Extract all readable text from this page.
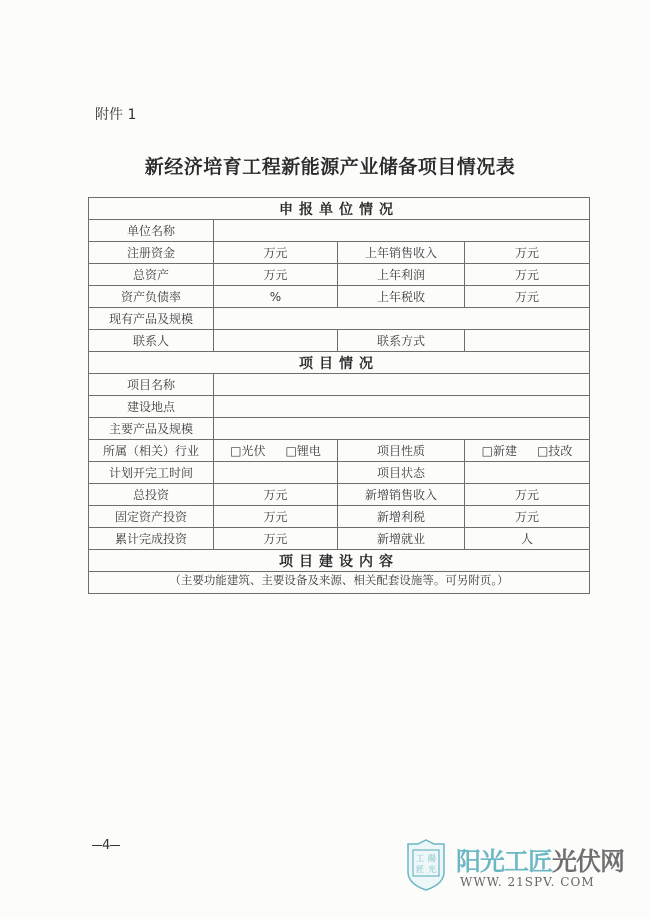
附件 1
新经济培育工程新能源产业储备项目情况表
申报单位情况			
单位名称			
注册资金	万元	上年销售收入	万元
总资产	万元	上年利润	万元
资产负债率	%	上年税收	万元
现有产品及规模			
联系人		联系方式	
项目情况			
项目名称			
建设地点			
主要产品及规模			
所属（相关）行业	□光伏 □锂电	项目性质	□新建 □技改
计划开完工时间		项目状态	
总投资	万元	新增销售收入	万元
固定资产投资	万元	新增利税	万元
累计完成投资	万元	新增就业	人
项目建设内容			
（主要功能建筑、主要设备及来源、相关配套设施等。可另附页。）			
4
工 陽
匠 光 阳光工匠光伏网
WWW. 21SPV. COM
